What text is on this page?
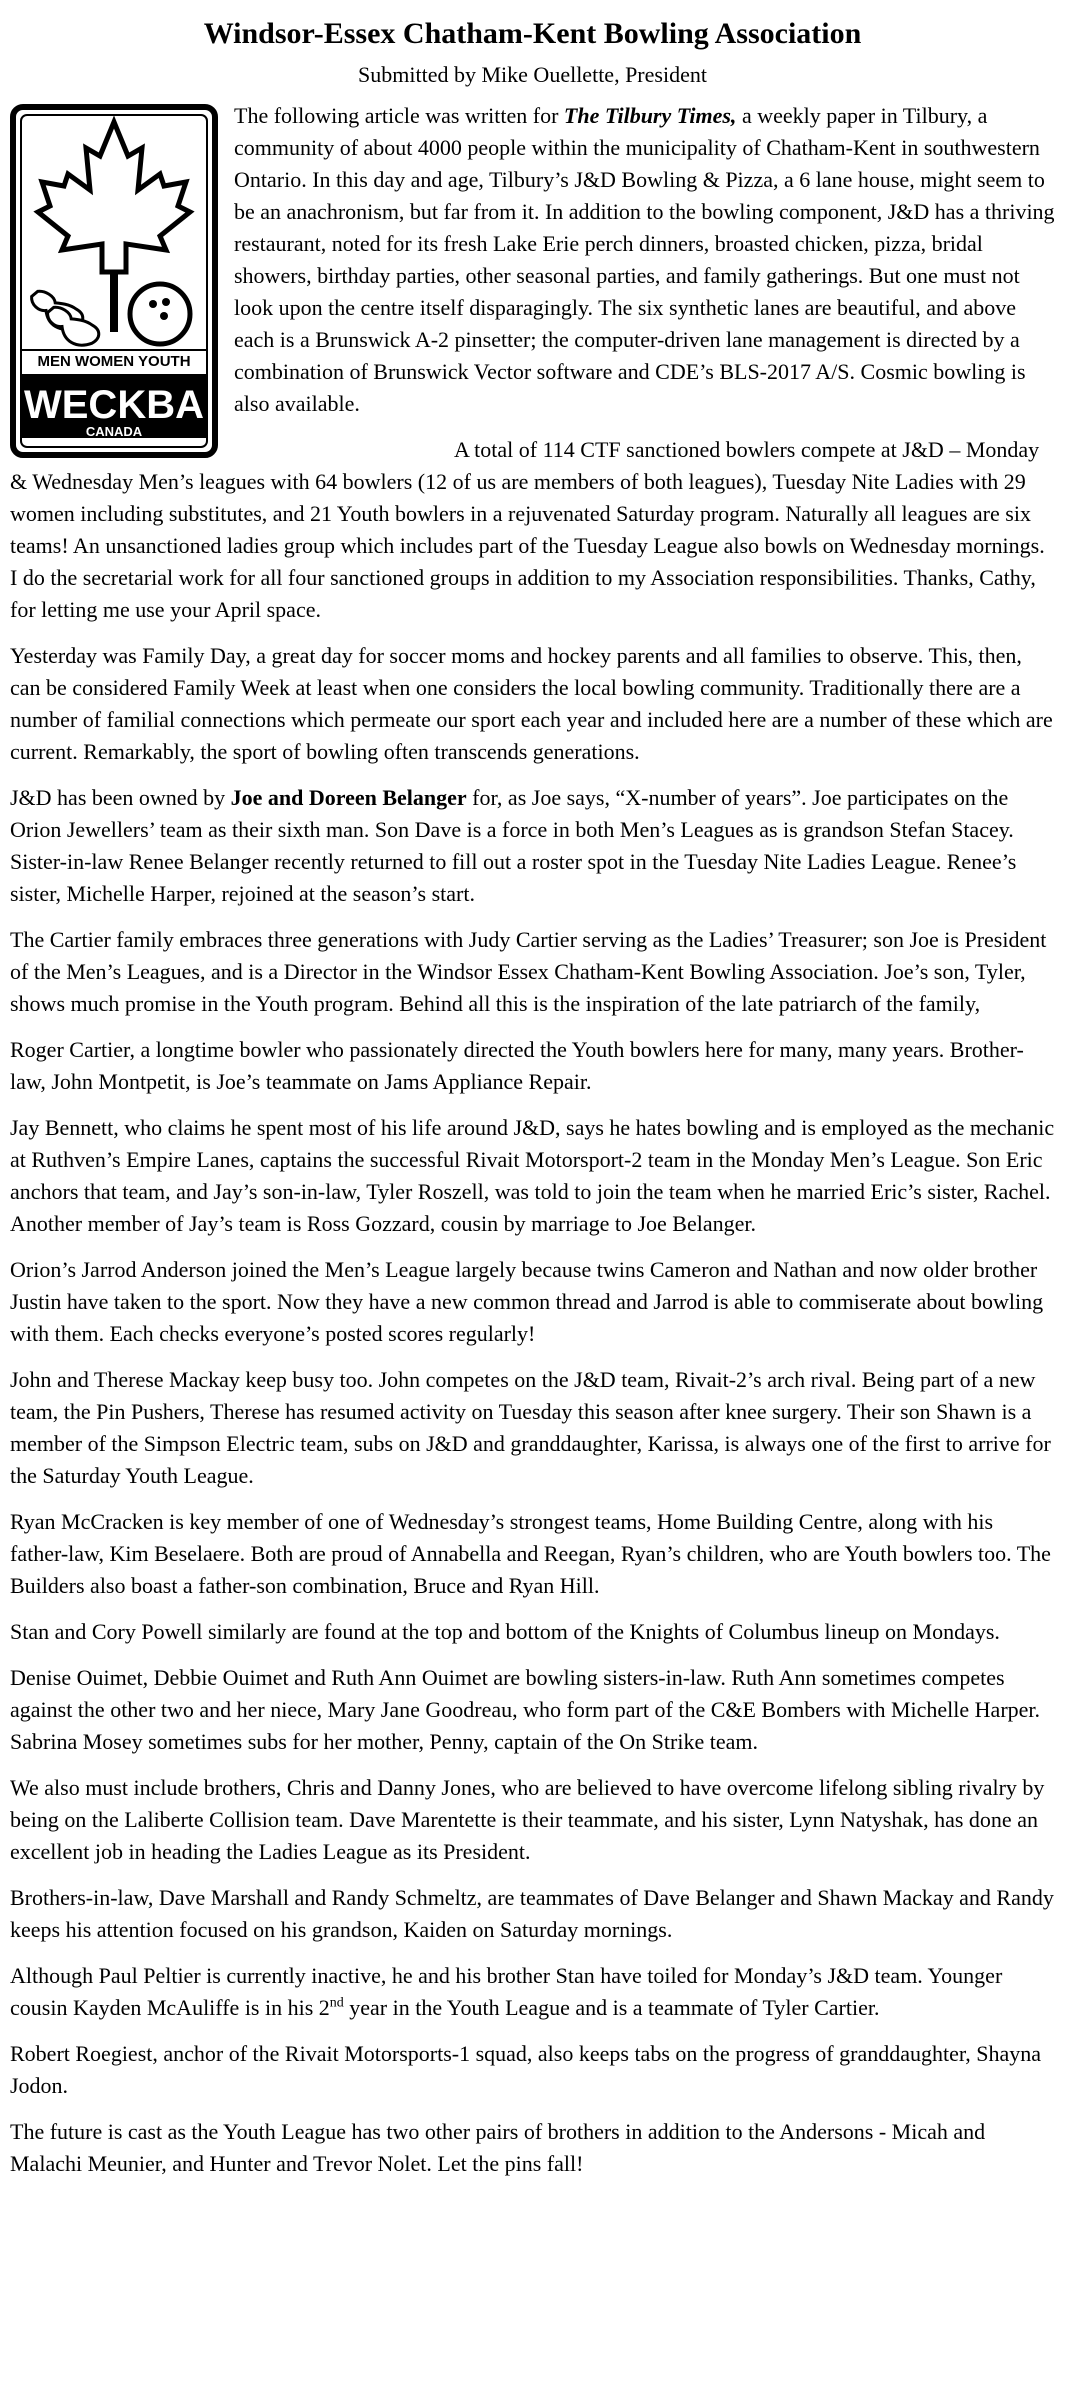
Windsor-Essex Chatham-Kent Bowling Association
Submitted by Mike Ouellette, President
MEN WOMEN YOUTH
WECKBA
CANADA

The following article was written for The Tilbury Times, a weekly paper in Tilbury, a community of about 4000 people within the municipality of Chatham-Kent in southwestern Ontario. In this day and age, Tilbury’s J&D Bowling & Pizza, a 6 lane house, might seem to be an anachronism, but far from it. In addition to the bowling component, J&D has a thriving restaurant, noted for its fresh Lake Erie perch dinners, broasted chicken, pizza, bridal showers, birthday parties, other seasonal parties, and family gatherings. But one must not look upon the centre itself disparagingly. The six synthetic lanes are beautiful, and above each is a Brunswick A-2 pinsetter; the computer-driven lane management is directed by a combination of Brunswick Vector software and CDE’s BLS-2017 A/S. Cosmic bowling is also available.

A total of 114 CTF sanctioned bowlers compete at J&D – Monday & Wednesday Men’s leagues with 64 bowlers (12 of us are members of both leagues), Tuesday Nite Ladies with 29 women including substitutes, and 21 Youth bowlers in a rejuvenated Saturday program. Naturally all leagues are six teams! An unsanctioned ladies group which includes part of the Tuesday League also bowls on Wednesday mornings. I do the secretarial work for all four sanctioned groups in addition to my Association responsibilities. Thanks, Cathy, for letting me use your April space.

Yesterday was Family Day, a great day for soccer moms and hockey parents and all families to observe. This, then, can be considered Family Week at least when one considers the local bowling community. Traditionally there are a number of familial connections which permeate our sport each year and included here are a number of these which are current. Remarkably, the sport of bowling often transcends generations.

J&D has been owned by Joe and Doreen Belanger for, as Joe says, “X-number of years”. Joe participates on the Orion Jewellers’ team as their sixth man. Son Dave is a force in both Men’s Leagues as is grandson Stefan Stacey. Sister-in-law Renee Belanger recently returned to fill out a roster spot in the Tuesday Nite Ladies League. Renee’s sister, Michelle Harper, rejoined at the season’s start.

The Cartier family embraces three generations with Judy Cartier serving as the Ladies’ Treasurer; son Joe is President of the Men’s Leagues, and is a Director in the Windsor Essex Chatham-Kent Bowling Association. Joe’s son, Tyler, shows much promise in the Youth program. Behind all this is the inspiration of the late patriarch of the family,

Roger Cartier, a longtime bowler who passionately directed the Youth bowlers here for many, many years. Brother-law, John Montpetit, is Joe’s teammate on Jams Appliance Repair.

Jay Bennett, who claims he spent most of his life around J&D, says he hates bowling and is employed as the mechanic at Ruthven’s Empire Lanes, captains the successful Rivait Motorsport-2 team in the Monday Men’s League. Son Eric anchors that team, and Jay’s son-in-law, Tyler Roszell, was told to join the team when he married Eric’s sister, Rachel. Another member of Jay’s team is Ross Gozzard, cousin by marriage to Joe Belanger.

Orion’s Jarrod Anderson joined the Men’s League largely because twins Cameron and Nathan and now older brother Justin have taken to the sport. Now they have a new common thread and Jarrod is able to commiserate about bowling with them. Each checks everyone’s posted scores regularly!

John and Therese Mackay keep busy too. John competes on the J&D team, Rivait-2’s arch rival. Being part of a new team, the Pin Pushers, Therese has resumed activity on Tuesday this season after knee surgery. Their son Shawn is a member of the Simpson Electric team, subs on J&D and granddaughter, Karissa, is always one of the first to arrive for the Saturday Youth League.

Ryan McCracken is key member of one of Wednesday’s strongest teams, Home Building Centre, along with his father-law, Kim Beselaere. Both are proud of Annabella and Reegan, Ryan’s children, who are Youth bowlers too. The Builders also boast a father-son combination, Bruce and Ryan Hill.

Stan and Cory Powell similarly are found at the top and bottom of the Knights of Columbus lineup on Mondays.

Denise Ouimet, Debbie Ouimet and Ruth Ann Ouimet are bowling sisters-in-law. Ruth Ann sometimes competes against the other two and her niece, Mary Jane Goodreau, who form part of the C&E Bombers with Michelle Harper. Sabrina Mosey sometimes subs for her mother, Penny, captain of the On Strike team.

We also must include brothers, Chris and Danny Jones, who are believed to have overcome lifelong sibling rivalry by being on the Laliberte Collision team. Dave Marentette is their teammate, and his sister, Lynn Natyshak, has done an excellent job in heading the Ladies League as its President.

Brothers-in-law, Dave Marshall and Randy Schmeltz, are teammates of Dave Belanger and Shawn Mackay and Randy keeps his attention focused on his grandson, Kaiden on Saturday mornings.

Although Paul Peltier is currently inactive, he and his brother Stan have toiled for Monday’s J&D team. Younger cousin Kayden McAuliffe is in his 2nd year in the Youth League and is a teammate of Tyler Cartier.

Robert Roegiest, anchor of the Rivait Motorsports-1 squad, also keeps tabs on the progress of granddaughter, Shayna Jodon.

The future is cast as the Youth League has two other pairs of brothers in addition to the Andersons - Micah and Malachi Meunier, and Hunter and Trevor Nolet. Let the pins fall!
